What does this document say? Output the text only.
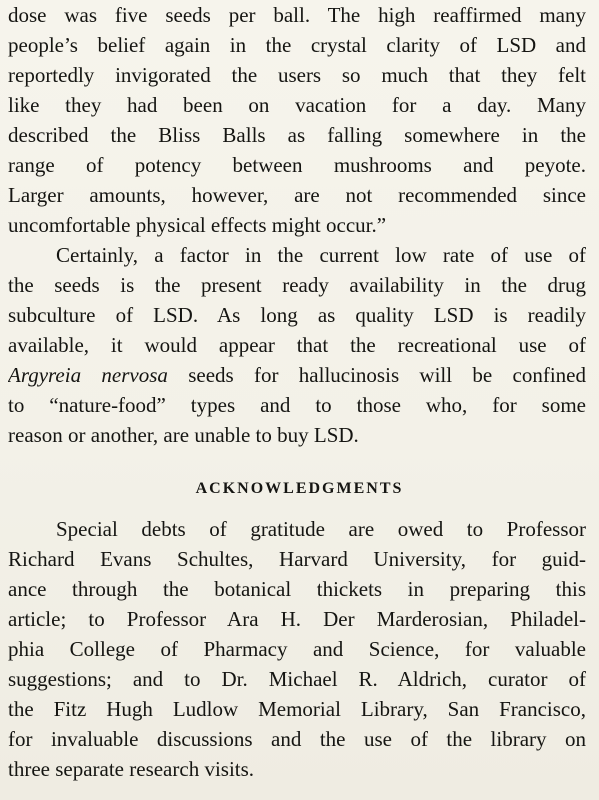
dose was five seeds per ball. The high reaffirmed many
people’s belief again in the crystal clarity of LSD and
reportedly invigorated the users so much that they felt
like they had been on vacation for a day. Many
described the Bliss Balls as falling somewhere in the
range of potency between mushrooms and peyote.
Larger amounts, however, are not recommended since
uncomfortable physical effects might occur.”
Certainly, a factor in the current low rate of use of
the seeds is the present ready availability in the drug
subculture of LSD. As long as quality LSD is readily
available, it would appear that the recreational use of
Argyreia nervosa seeds for hallucinosis will be confined
to “nature-food” types and to those who, for some
reason or another, are unable to buy LSD.
ACKNOWLEDGMENTS
Special debts of gratitude are owed to Professor
Richard Evans Schultes, Harvard University, for guid-
ance through the botanical thickets in preparing this
article; to Professor Ara H. Der Marderosian, Philadel-
phia College of Pharmacy and Science, for valuable
suggestions; and to Dr. Michael R. Aldrich, curator of
the Fitz Hugh Ludlow Memorial Library, San Francisco,
for invaluable discussions and the use of the library on
three separate research visits.
